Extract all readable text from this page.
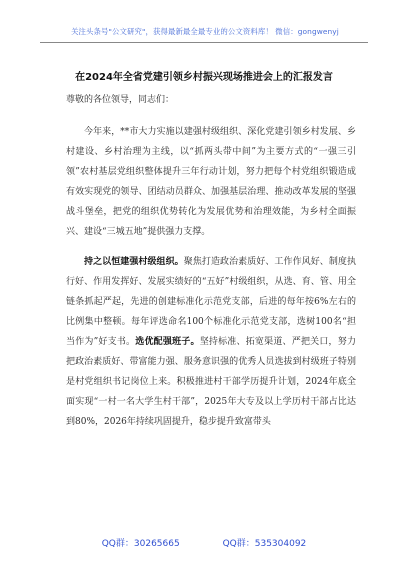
关注头条号"公文研究"，获得最新最全最专业的公文资料库！ 微信：gongwenyj
在2024年全省党建引领乡村振兴现场推进会上的汇报发言
尊敬的各位领导，同志们：
今年来，**市大力实施以建强村级组织、深化党建引领乡村发展、乡村建设、乡村治理为主线，以“抓两头带中间”为主要方式的“一强三引领”农村基层党组织整体提升三年行动计划，努力把每个村党组织锻造成有效实现党的领导、团结动员群众、加强基层治理、推动改革发展的坚强战斗堡垒，把党的组织优势转化为发展优势和治理效能，为乡村全面振兴、建设“三城五地”提供强力支撑。
持之以恒建强村级组织。聚焦打造政治素质好、工作作风好、制度执行好、作用发挥好、发展实绩好的“五好”村级组织，从选、育、管、用全链条抓起严起，先进的创建标准化示范党支部，后进的每年按6%左右的比例集中整顿。每年评选命名100个标准化示范党支部，选树100名“担当作为”好支书。选优配强班子。坚持标准、拓宽渠道、严把关口，努力把政治素质好、带富能力强、服务意识强的优秀人员选拔到村级班子特别是村党组织书记岗位上来。积极推进村干部学历提升计划，2024年底全面实现“一村一名大学生村干部”，2025年大专及以上学历村干部占比达到80%，2026年持续巩固提升，稳步提升致富带头
QQ群：30265665	QQ群：535304092
